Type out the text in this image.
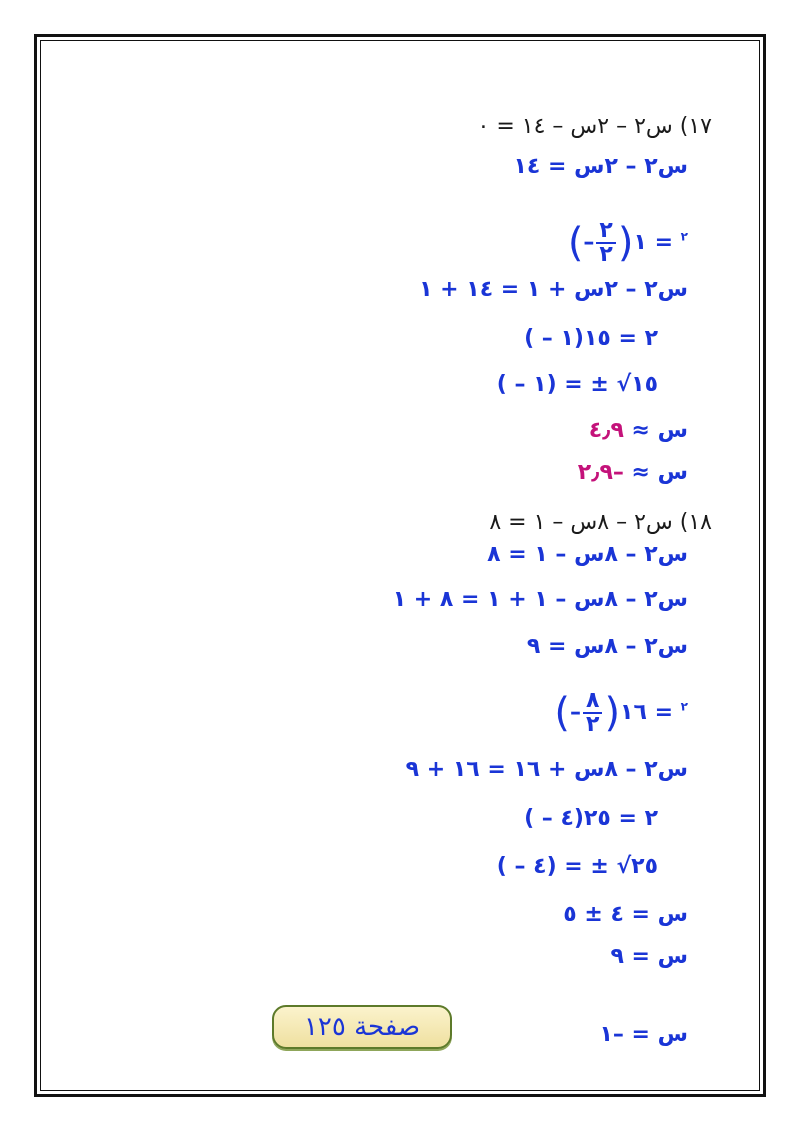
١٧) س٢ – ٢س – ١٤ = ٠
س٢ – ٢س = ١٤
(– $\frac{٢}{٢}$ )	$^٢$ = ١
س٢ – ٢س + ١ = ١٤ + ١
( – ١)٢ = ١٥
( – ١) = ± √١٥
س ≈ ٤٫٩
س ≈ –٢٫٩
١٨) س٢ – ٨س – ١ = ٨
س٢ – ٨س – ١ = ٨
س٢ – ٨س – ١ + ١ = ٨ + ١
س٢ – ٨س = ٩
(– $\frac{٨}{٢}$ )	$^٢$ = ١٦
س٢ – ٨س + ١٦ = ١٦ + ٩
( – ٤)٢ = ٢٥
( – ٤) = ± √٢٥
س = ٤ ± ٥
س = ٩
س = –١
صفحة ١٢٥
